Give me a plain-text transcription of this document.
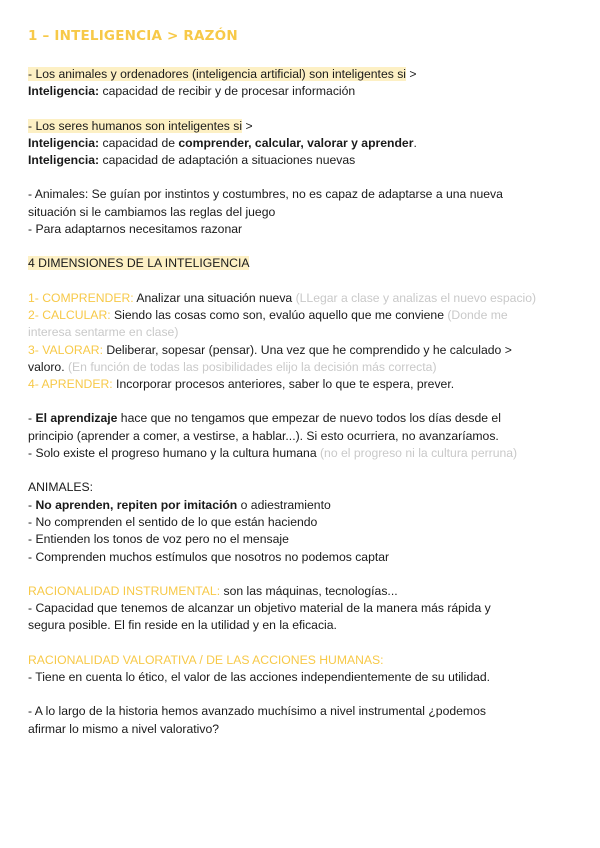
1 – INTELIGENCIA > RAZÓN
- Los animales y ordenadores (inteligencia artificial) son inteligentes si >
Inteligencia: capacidad de recibir y de procesar información
- Los seres humanos son inteligentes si >
Inteligencia: capacidad de comprender, calcular, valorar y aprender.
Inteligencia: capacidad de adaptación a situaciones nuevas
- Animales: Se guían por instintos y costumbres, no es capaz de adaptarse a una nueva
situación si le cambiamos las reglas del juego
- Para adaptarnos necesitamos razonar
4 DIMENSIONES DE LA INTELIGENCIA
1- COMPRENDER: Analizar una situación nueva (LLegar a clase y analizas el nuevo espacio)
2- CALCULAR: Siendo las cosas como son, evalúo aquello que me conviene (Donde me
interesa sentarme en clase)
3- VALORAR: Deliberar, sopesar (pensar). Una vez que he comprendido y he calculado >
valoro. (En función de todas las posibilidades elijo la decisión más correcta)
4- APRENDER: Incorporar procesos anteriores, saber lo que te espera, prever.
- El aprendizaje hace que no tengamos que empezar de nuevo todos los días desde el
principio (aprender a comer, a vestirse, a hablar...). Si esto ocurriera, no avanzaríamos.
- Solo existe el progreso humano y la cultura humana (no el progreso ni la cultura perruna)
ANIMALES:
- No aprenden, repiten por imitación o adiestramiento
- No comprenden el sentido de lo que están haciendo
- Entienden los tonos de voz pero no el mensaje
- Comprenden muchos estímulos que nosotros no podemos captar
RACIONALIDAD INSTRUMENTAL: son las máquinas, tecnologías...
- Capacidad que tenemos de alcanzar un objetivo material de la manera más rápida y
segura posible. El fin reside en la utilidad y en la eficacia.
RACIONALIDAD VALORATIVA / DE LAS ACCIONES HUMANAS:
- Tiene en cuenta lo ético, el valor de las acciones independientemente de su utilidad.
- A lo largo de la historia hemos avanzado muchísimo a nivel instrumental ¿podemos
afirmar lo mismo a nivel valorativo?
